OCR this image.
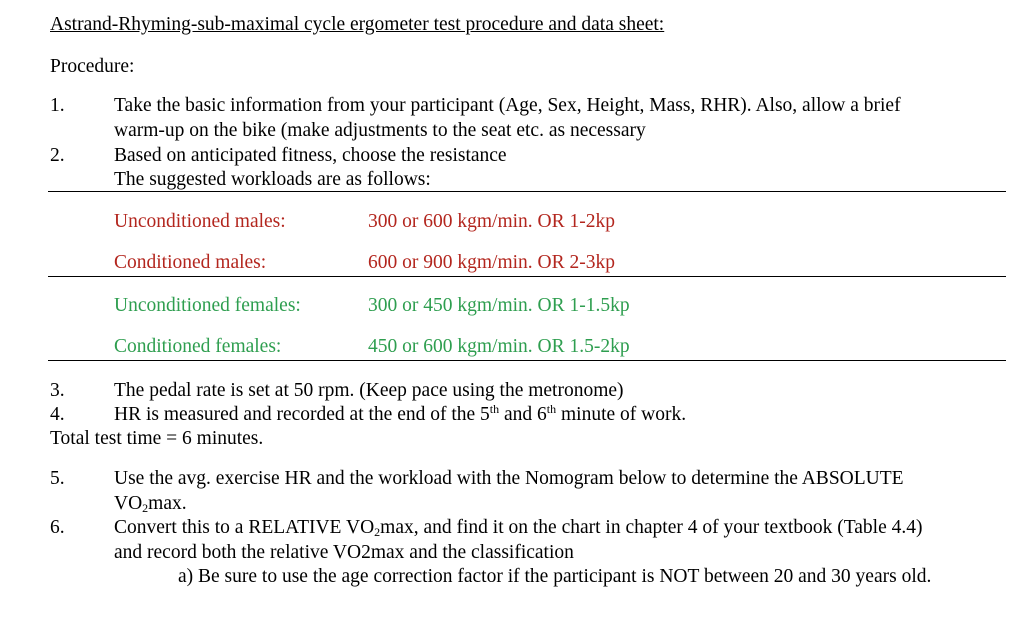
Astrand-Rhyming-sub-maximal cycle ergometer test procedure and data sheet:
Procedure:
1.	Take the basic information from your participant (Age, Sex, Height, Mass, RHR). Also, allow a brief
warm-up on the bike (make adjustments to the seat etc. as necessary
2.	Based on anticipated fitness, choose the resistance
The suggested workloads are as follows:
Unconditioned males:	300 or 600 kgm/min. OR 1-2kp
Conditioned males:	600 or 900 kgm/min. OR 2-3kp
Unconditioned females:	300 or 450 kgm/min. OR 1-1.5kp
Conditioned females:	450 or 600 kgm/min. OR 1.5-2kp
3.	The pedal rate is set at 50 rpm. (Keep pace using the metronome)
4.	HR is measured and recorded at the end of the 5th and 6th minute of work.
Total test time = 6 minutes.
5.	Use the avg. exercise HR and the workload with the Nomogram below to determine the ABSOLUTE
$VO_2\max$.
6.	Convert this to a RELATIVE $VO_2\max$, and find it on the chart in chapter 4 of your textbook (Table 4.4)
and record both the relative VO2max and the classification
a) Be sure to use the age correction factor if the participant is NOT between 20 and 30 years old.
